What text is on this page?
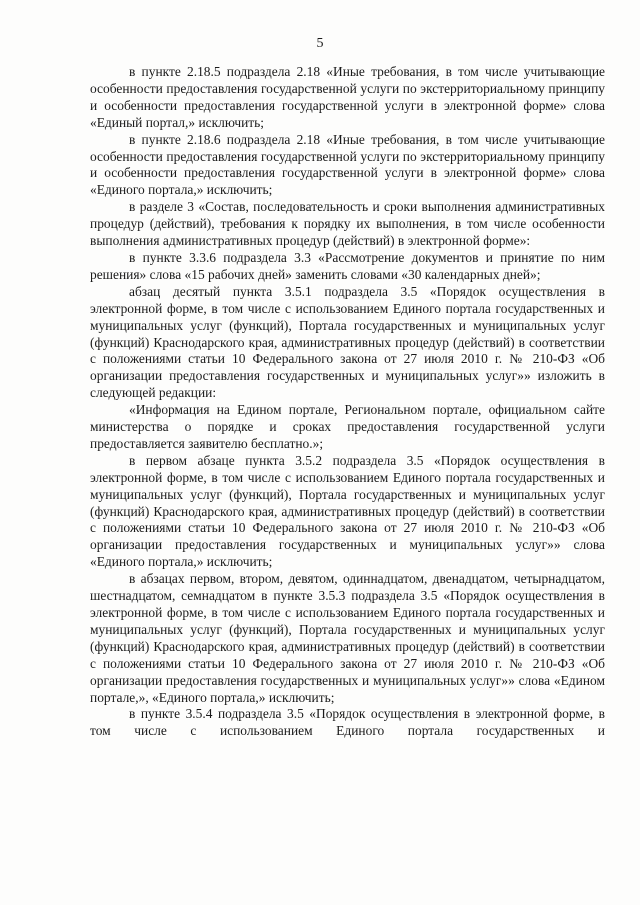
5

в пункте 2.18.5 подраздела 2.18 «Иные требования, в том числе учитывающие особенности предоставления государственной услуги по экстерриториальному принципу и особенности предоставления государственной услуги в электронной форме» слова «Единый портал,» исключить;

в пункте 2.18.6 подраздела 2.18 «Иные требования, в том числе учитывающие особенности предоставления государственной услуги по экстерриториальному принципу и особенности предоставления государственной услуги в электронной форме» слова «Единого портала,» исключить;

в разделе 3 «Состав, последовательность и сроки выполнения административных процедур (действий), требования к порядку их выполнения, в том числе особенности выполнения административных процедур (действий) в электронной форме»:

в пункте 3.3.6 подраздела 3.3 «Рассмотрение документов и принятие по ним решения» слова «15 рабочих дней» заменить словами «30 календарных дней»;

абзац десятый пункта 3.5.1 подраздела 3.5 «Порядок осуществления в электронной форме, в том числе с использованием Единого портала государственных и муниципальных услуг (функций), Портала государственных и муниципальных услуг (функций) Краснодарского края, административных процедур (действий) в соответствии с положениями статьи 10 Федерального закона от 27 июля 2010 г. № 210-ФЗ «Об организации предоставления государственных и муниципальных услуг»» изложить в следующей редакции:

«Информация на Едином портале, Региональном портале, официальном сайте министерства о порядке и сроках предоставления государственной услуги предоставляется заявителю бесплатно.»;

в первом абзаце пункта 3.5.2 подраздела 3.5 «Порядок осуществления в электронной форме, в том числе с использованием Единого портала государственных и муниципальных услуг (функций), Портала государственных и муниципальных услуг (функций) Краснодарского края, административных процедур (действий) в соответствии с положениями статьи 10 Федерального закона от 27 июля 2010 г. № 210-ФЗ «Об организации предоставления государственных и муниципальных услуг»» слова «Единого портала,» исключить;

в абзацах первом, втором, девятом, одиннадцатом, двенадцатом, четырнадцатом, шестнадцатом, семнадцатом в пункте 3.5.3 подраздела 3.5 «Порядок осуществления в электронной форме, в том числе с использованием Единого портала государственных и муниципальных услуг (функций), Портала государственных и муниципальных услуг (функций) Краснодарского края, административных процедур (действий) в соответствии с положениями статьи 10 Федерального закона от 27 июля 2010 г. № 210-ФЗ «Об организации предоставления государственных и муниципальных услуг»» слова «Едином портале,», «Единого портала,» исключить;

в пункте 3.5.4 подраздела 3.5 «Порядок осуществления в электронной форме, в том числе с использованием Единого портала государственных и
